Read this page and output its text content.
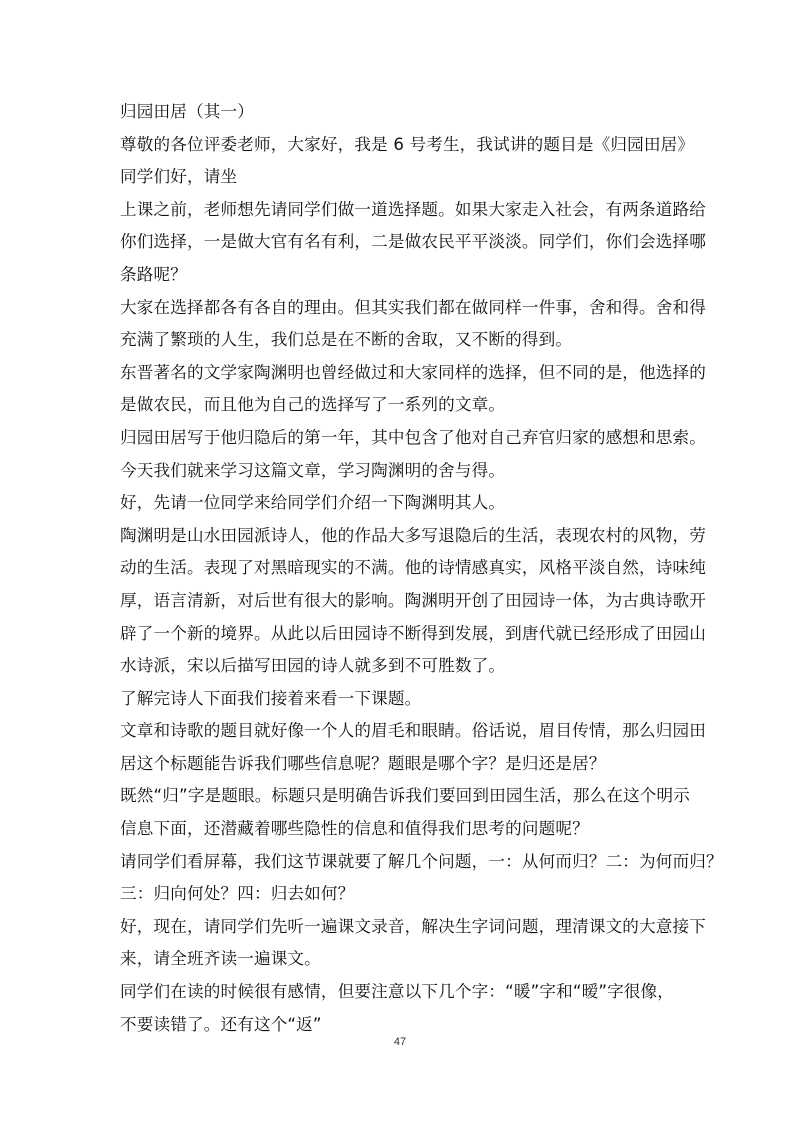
归园田居（其一）

尊敬的各位评委老师，大家好，我是 6 号考生，我试讲的题目是《归园田居》

同学们好，请坐

上课之前，老师想先请同学们做一道选择题。如果大家走入社会，有两条道路给

你们选择，一是做大官有名有利，二是做农民平平淡淡。同学们，你们会选择哪

条路呢？

大家在选择都各有各自的理由。但其实我们都在做同样一件事，舍和得。舍和得

充满了繁琐的人生，我们总是在不断的舍取，又不断的得到。

东晋著名的文学家陶渊明也曾经做过和大家同样的选择，但不同的是，他选择的

是做农民，而且他为自己的选择写了一系列的文章。

归园田居写于他归隐后的第一年，其中包含了他对自己弃官归家的感想和思索。

今天我们就来学习这篇文章，学习陶渊明的舍与得。

好，先请一位同学来给同学们介绍一下陶渊明其人。

陶渊明是山水田园派诗人，他的作品大多写退隐后的生活，表现农村的风物，劳

动的生活。表现了对黑暗现实的不满。他的诗情感真实，风格平淡自然，诗味纯

厚，语言清新，对后世有很大的影响。陶渊明开创了田园诗一体，为古典诗歌开

辟了一个新的境界。从此以后田园诗不断得到发展，到唐代就已经形成了田园山

水诗派，宋以后描写田园的诗人就多到不可胜数了。

了解完诗人下面我们接着来看一下课题。

文章和诗歌的题目就好像一个人的眉毛和眼睛。俗话说，眉目传情，那么归园田

居这个标题能告诉我们哪些信息呢？题眼是哪个字？是归还是居？

既然“归”字是题眼。标题只是明确告诉我们要回到田园生活，那么在这个明示

信息下面，还潜藏着哪些隐性的信息和值得我们思考的问题呢？

请同学们看屏幕，我们这节课就要了解几个问题，一：从何而归？二：为何而归？

三：归向何处？四：归去如何？

好，现在，请同学们先听一遍课文录音，解决生字词问题，理清课文的大意接下

来，请全班齐读一遍课文。

同学们在读的时候很有感情，但要注意以下几个字：“暖”字和“暧”字很像，

不要读错了。还有这个“返”

47
